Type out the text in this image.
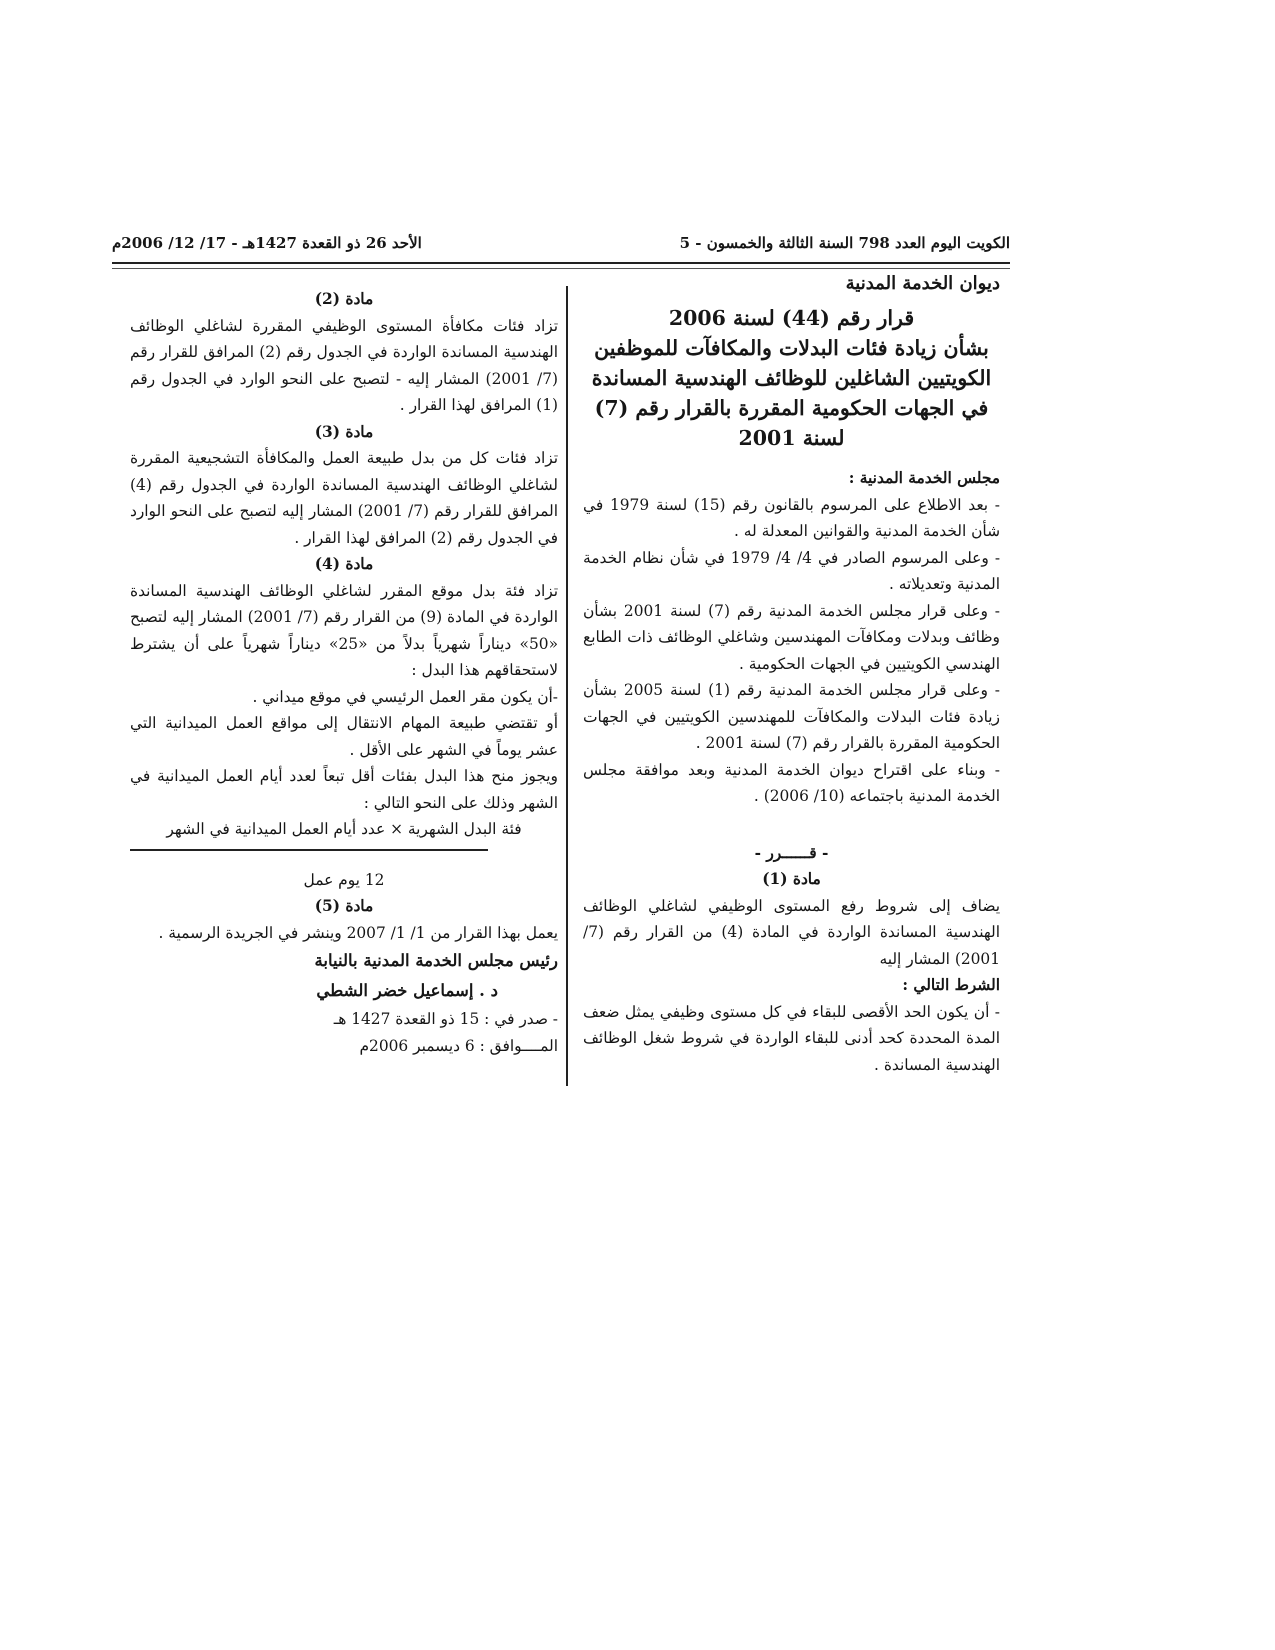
الكويت اليوم العدد 798 السنة الثالثة والخمسون - 5
الأحد 26 ذو القعدة 1427هـ - 17/ 12/ 2006م

ديوان الخدمة المدنية

قرار رقم (44) لسنة 2006
بشأن زيادة فئات البدلات والمكافآت للموظفين
الكويتيين الشاغلين للوظائف الهندسية المساندة
في الجهات الحكومية المقررة بالقرار رقم (7) لسنة 2001

مجلس الخدمة المدنية :

- بعد الاطلاع على المرسوم بالقانون رقم (15) لسنة 1979 في شأن الخدمة المدنية والقوانين المعدلة له .

- وعلى المرسوم الصادر في 4/ 4/ 1979 في شأن نظام الخدمة المدنية وتعديلاته .

- وعلى قرار مجلس الخدمة المدنية رقم (7) لسنة 2001 بشأن وظائف وبدلات ومكافآت المهندسين وشاغلي الوظائف ذات الطابع الهندسي الكويتيين في الجهات الحكومية .

- وعلى قرار مجلس الخدمة المدنية رقم (1) لسنة 2005 بشأن زيادة فئات البدلات والمكافآت للمهندسين الكويتيين في الجهات الحكومية المقررة بالقرار رقم (7) لسنة 2001 .

- وبناء على اقتراح ديوان الخدمة المدنية وبعد موافقة مجلس الخدمة المدنية باجتماعه (10/ 2006) .

- قــــــرر -

مادة (1)

يضاف إلى شروط رفع المستوى الوظيفي لشاغلي الوظائف الهندسية المساندة الواردة في المادة (4) من القرار رقم (7/ 2001) المشار إليه

الشرط التالي :

- أن يكون الحد الأقصى للبقاء في كل مستوى وظيفي يمثل ضعف المدة المحددة كحد أدنى للبقاء الواردة في شروط شغل الوظائف الهندسية المساندة .

مادة (2)

تزاد فئات مكافأة المستوى الوظيفي المقررة لشاغلي الوظائف الهندسية المساندة الواردة في الجدول رقم (2) المرافق للقرار رقم (7/ 2001) المشار إليه - لتصبح على النحو الوارد في الجدول رقم (1) المرافق لهذا القرار .

مادة (3)

تزاد فئات كل من بدل طبيعة العمل والمكافأة التشجيعية المقررة لشاغلي الوظائف الهندسية المساندة الواردة في الجدول رقم (4) المرافق للقرار رقم (7/ 2001) المشار إليه لتصبح على النحو الوارد في الجدول رقم (2) المرافق لهذا القرار .

مادة (4)

تزاد فئة بدل موقع المقرر لشاغلي الوظائف الهندسية المساندة الواردة في المادة (9) من القرار رقم (7/ 2001) المشار إليه لتصبح «50» ديناراً شهرياً بدلاً من «25» ديناراً شهرياً على أن يشترط لاستحقاقهم هذا البدل :

-أن يكون مقر العمل الرئيسي في موقع ميداني .

أو تقتضي طبيعة المهام الانتقال إلى مواقع العمل الميدانية التي عشر يوماً في الشهر على الأقل .

ويجوز منح هذا البدل بفئات أقل تبعاً لعدد أيام العمل الميدانية في الشهر وذلك على النحو التالي :

فئة البدل الشهرية × عدد أيام العمل الميدانية في الشهر

12 يوم عمل

مادة (5)

يعمل بهذا القرار من 1/ 1/ 2007 وينشر في الجريدة الرسمية .

رئيس مجلس الخدمة المدنية بالنيابة

د . إسماعيل خضر الشطي

- صدر في : 15 ذو القعدة 1427 هـ

المــــوافق : 6 ديسمبر 2006م
